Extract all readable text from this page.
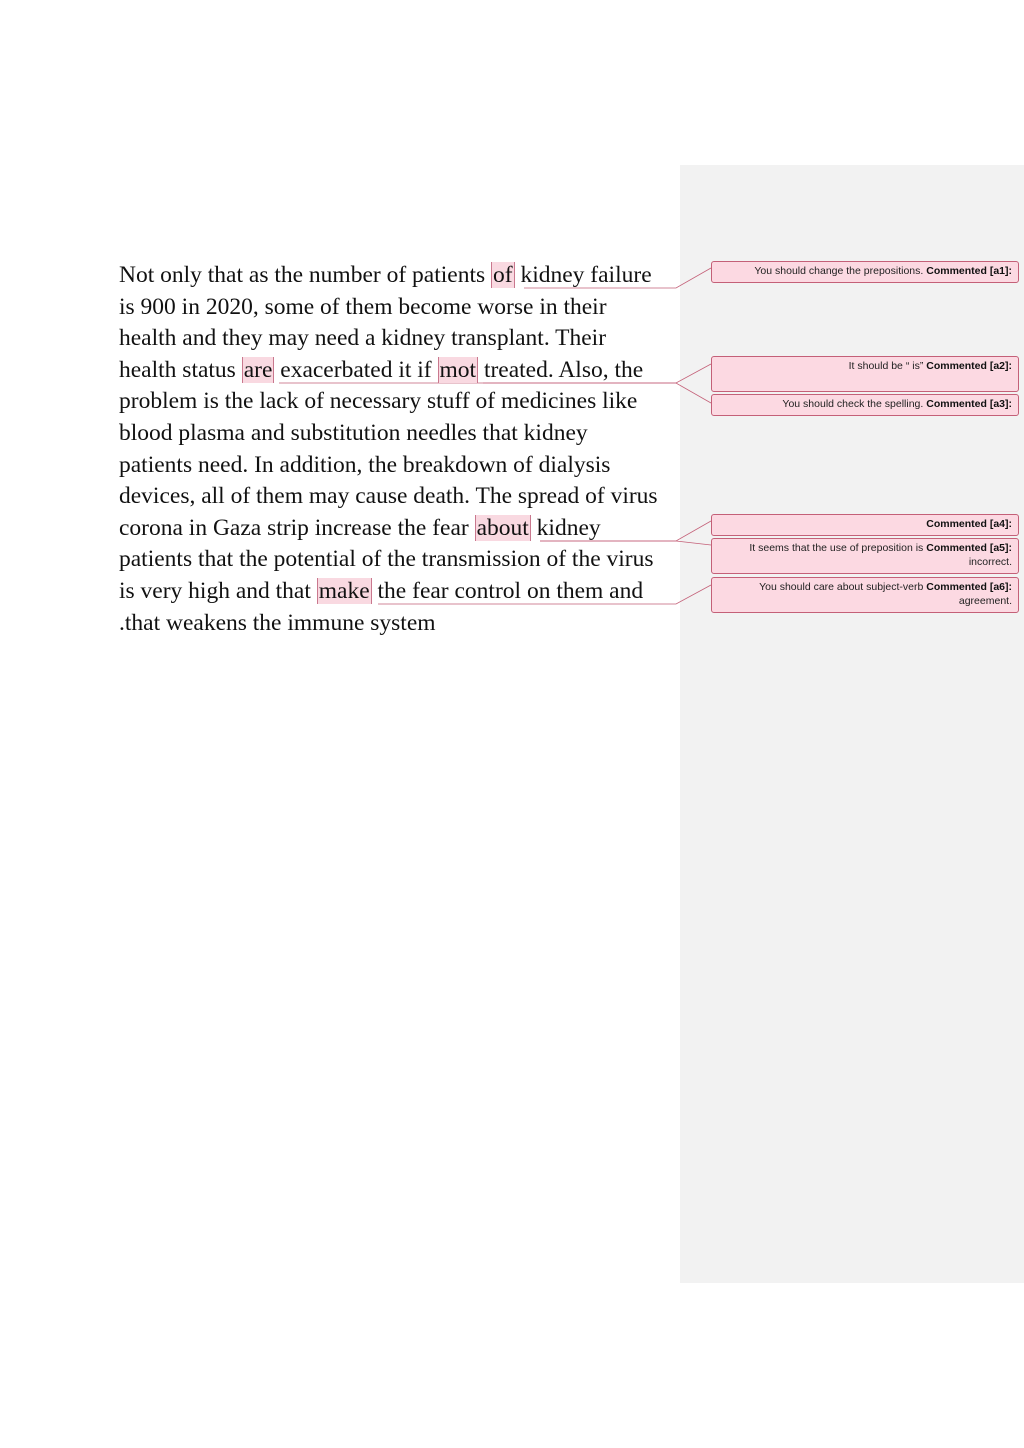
Not only that as the number of patients of kidney failure
is 900 in 2020, some of them become worse in their
health and they may need a kidney transplant. Their
health status are exacerbated it if mot treated. Also, the
problem is the lack of necessary stuff of medicines like
blood plasma and substitution needles that kidney
patients need. In addition, the breakdown of dialysis
devices, all of them may cause death. The spread of virus
corona in Gaza strip increase the fear about kidney
patients that the potential of the transmission of the virus
is very high and that make the fear control on them and
.that weakens the immune system
You should change the prepositions. Commented [a1]:
It should be “ is” Commented [a2]:
You should check the spelling. Commented [a3]:
Commented [a4]:
It seems that the use of preposition is Commented [a5]:
incorrect.
You should care about subject-verb Commented [a6]:
agreement.
